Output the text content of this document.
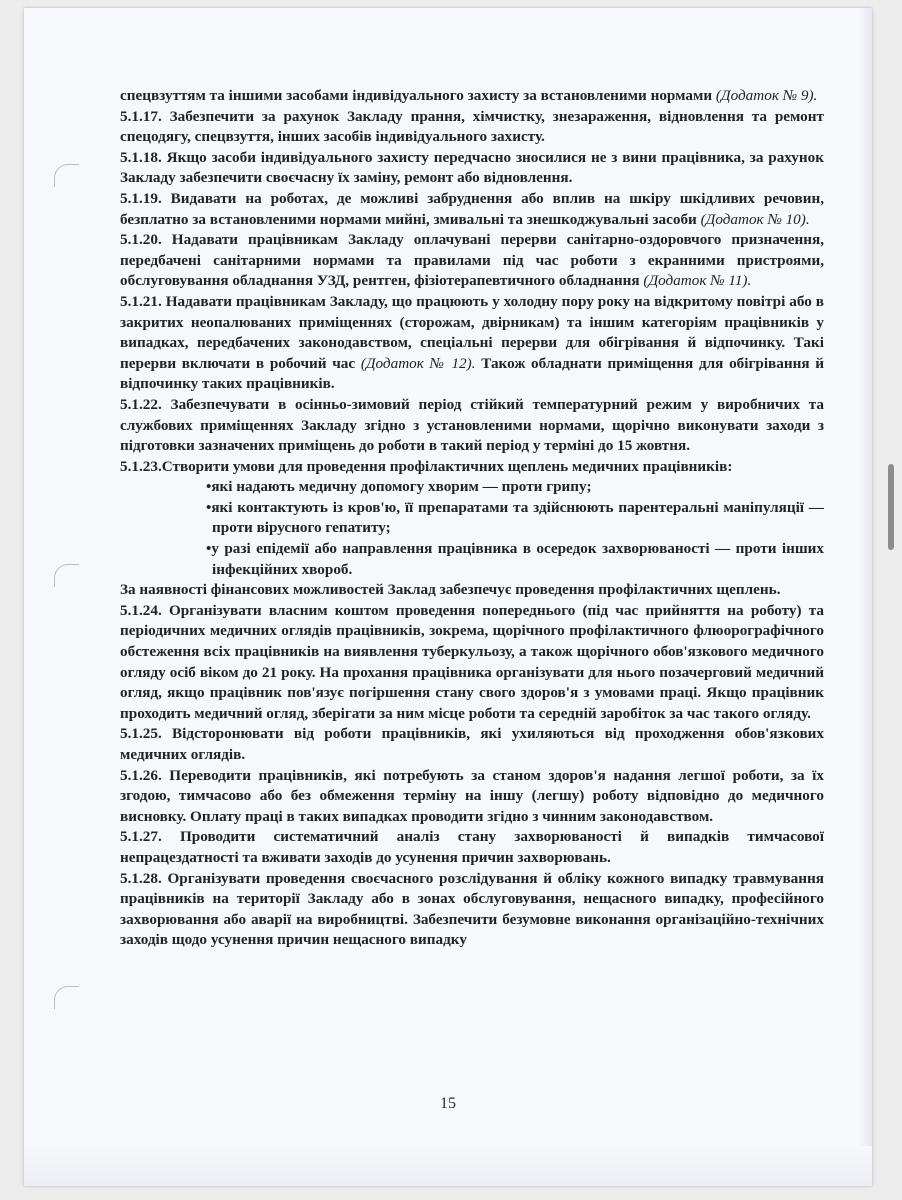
спецвзуттям та іншими засобами індивідуального захисту за встановленими нормами (Додаток № 9).

5.1.17. Забезпечити за рахунок Закладу прання, хімчистку, знезараження, відновлення та ремонт спецодягу, спецвзуття, інших засобів індивідуального захисту.

5.1.18. Якщо засоби індивідуального захисту передчасно зносилися не з вини працівника, за рахунок Закладу забезпечити своєчасну їх заміну, ремонт або відновлення.

5.1.19. Видавати на роботах, де можливі забруднення або вплив на шкіру шкідливих речовин, безплатно за встановленими нормами мийні, змивальні та знешкоджувальні засоби (Додаток № 10).

5.1.20. Надавати працівникам Закладу оплачувані перерви санітарно-оздоровчого призначення, передбачені санітарними нормами та правилами під час роботи з екранними пристроями, обслуговування обладнання УЗД, рентген, фізіотерапевтичного обладнання (Додаток № 11).

5.1.21. Надавати працівникам Закладу, що працюють у холодну пору року на відкритому повітрі або в закритих неопалюваних приміщеннях (сторожам, двірникам) та іншим категоріям працівників у випадках, передбачених законодавством, спеціальні перерви для обігрівання й відпочинку. Такі перерви включати в робочий час (Додаток № 12). Також обладнати приміщення для обігрівання й відпочинку таких працівників.

5.1.22. Забезпечувати в осінньо-зимовий період стійкий температурний режим у виробничих та службових приміщеннях Закладу згідно з установленими нормами, щорічно виконувати заходи з підготовки зазначених приміщень до роботи в такий період у терміні до 15 жовтня.

5.1.23.Створити умови для проведення профілактичних щеплень медичних працівників:

•які надають медичну допомогу хворим — проти грипу;

•які контактують із кров'ю, її препаратами та здійснюють парентеральні маніпуляції — проти вірусного гепатиту;

•у разі епідемії або направлення працівника в осередок захворюваності — проти інших інфекційних хвороб.

За наявності фінансових можливостей Заклад забезпечує проведення профілактичних щеплень.

5.1.24. Організувати власним коштом проведення попереднього (під час прийняття на роботу) та періодичних медичних оглядів працівників, зокрема, щорічного профілактичного флюорографічного обстеження всіх працівників на виявлення туберкульозу, а також щорічного обов'язкового медичного огляду осіб віком до 21 року. На прохання працівника організувати для нього позачерговий медичний огляд, якщо працівник пов'язує погіршення стану свого здоров'я з умовами праці. Якщо працівник проходить медичний огляд, зберігати за ним місце роботи та середній заробіток за час такого огляду.

5.1.25. Відсторонювати від роботи працівників, які ухиляються від проходження обов'язкових медичних оглядів.

5.1.26. Переводити працівників, які потребують за станом здоров'я надання легшої роботи, за їх згодою, тимчасово або без обмеження терміну на іншу (легшу) роботу відповідно до медичного висновку. Оплату праці в таких випадках проводити згідно з чинним законодавством.

5.1.27. Проводити систематичний аналіз стану захворюваності й випадків тимчасової непрацездатності та вживати заходів до усунення причин захворювань.

5.1.28. Організувати проведення своєчасного розслідування й обліку кожного випадку травмування працівників на території Закладу або в зонах обслуговування, нещасного випадку, професійного захворювання або аварії на виробництві. Забезпечити безумовне виконання організаційно-технічних заходів щодо усунення причин нещасного випадку

15
